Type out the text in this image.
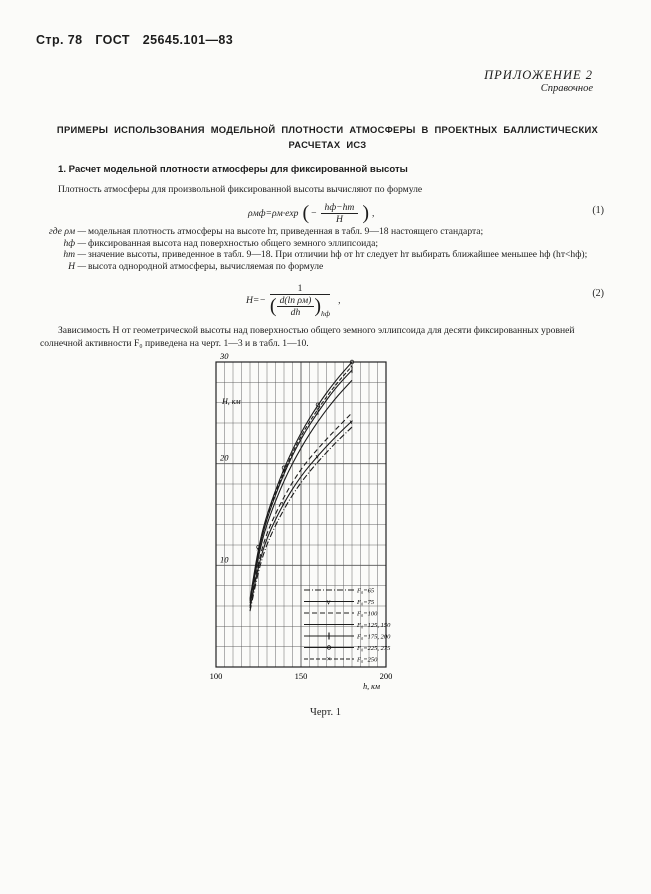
Стр. 78 ГОСТ 25645.101—83
ПРИЛОЖЕНИЕ 2
Справочное
ПРИМЕРЫ ИСПОЛЬЗОВАНИЯ МОДЕЛЬНОЙ ПЛОТНОСТИ АТМОСФЕРЫ В ПРОЕКТНЫХ БАЛЛИСТИЧЕСКИХ
РАСЧЕТАХ ИСЗ
1. Расчет модельной плотности атмосферы для фиксированной высоты
Плотность атмосферы для произвольной фиксированной высоты вычисляют по формуле
ρмф=ρм·exp ( −
hф−hт
H ) ,	(1)
где ρм — модельная плотность атмосферы на высоте hт, приведенная в табл. 9—18 настоящего стандарта;
hф — фиксированная высота над поверхностью общего земного эллипсоида;
hт — значение высоты, приведенное в табл. 9—18. При отличии hф от hт следует hт выбирать ближайшее меньшее hф (hт<hф);
H — высота однородной атмосферы, вычисляемая по формуле
H=−
1
( d(ln ρм)
dh ) hф
,
(2)
Зависимость H от геометрической высоты над поверхностью общего земного эллипсоида для десяти фиксированных уровней солнечной активности F₀ приведена на черт. 1—3 и в табл. 1—10.
v
v
v
v
×
×
×
×
100	150	200
10
20
30
F₀=65
v	F₀=75
F₀=100
F₀=125, 150
F₀=175, 200
F₀=225, 275
×	F₀=250
H, км
h, км
Черт. 1
